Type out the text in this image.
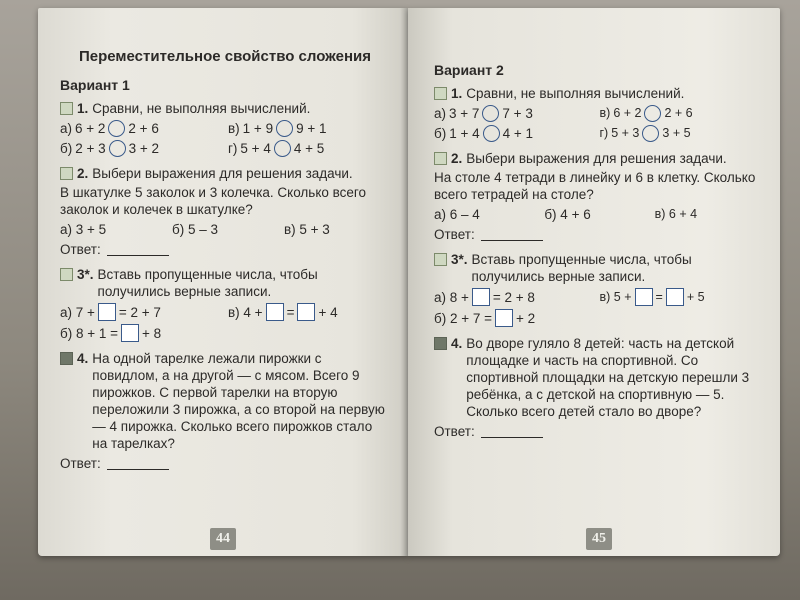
Переместительное свойство сложения
Вариант 1
1. Сравни, не выполняя вычислений.
а) 6 + 2 2 + 6	в) 1 + 9 9 + 1
б) 2 + 3 3 + 2	г) 5 + 4 4 + 5
2. Выбери выражения для решения задачи.
В шкатулке 5 заколок и 3 колечка. Сколько всего заколок и колечек в шкатулке?
а) 3 + 5	б) 5 – 3	в) 5 + 3
Ответ:
3*. Вставь пропущенные числа, чтобы получились верные записи.
а) 7 + = 2 + 7	в) 4 + = + 4
б) 8 + 1 = + 8
4. На одной тарелке лежали пирожки с повидлом, а на другой — с мясом. Всего 9 пирожков. С первой тарелки на вторую переложили 3 пирожка, а со второй на первую — 4 пирожка. Сколько всего пирожков стало на тарелках?
Ответ:
44
Вариант 2
1. Сравни, не выполняя вычислений.
а) 3 + 7 7 + 3	в) 6 + 2 2 + 6
б) 1 + 4 4 + 1	г) 5 + 3 3 + 5
2. Выбери выражения для решения задачи.
На столе 4 тетради в линейку и 6 в клетку. Сколько всего тетрадей на столе?
а) 6 – 4	б) 4 + 6	в) 6 + 4
Ответ:
3*. Вставь пропущенные числа, чтобы получились верные записи.
а) 8 + = 2 + 8	в) 5 + = + 5
б) 2 + 7 = + 2
4. Во дворе гуляло 8 детей: часть на детской площадке и часть на спортивной. Со спортивной площадки на детскую перешли 3 ребёнка, а с детской на спортивную — 5. Сколько всего детей стало во дворе?
Ответ:
45
